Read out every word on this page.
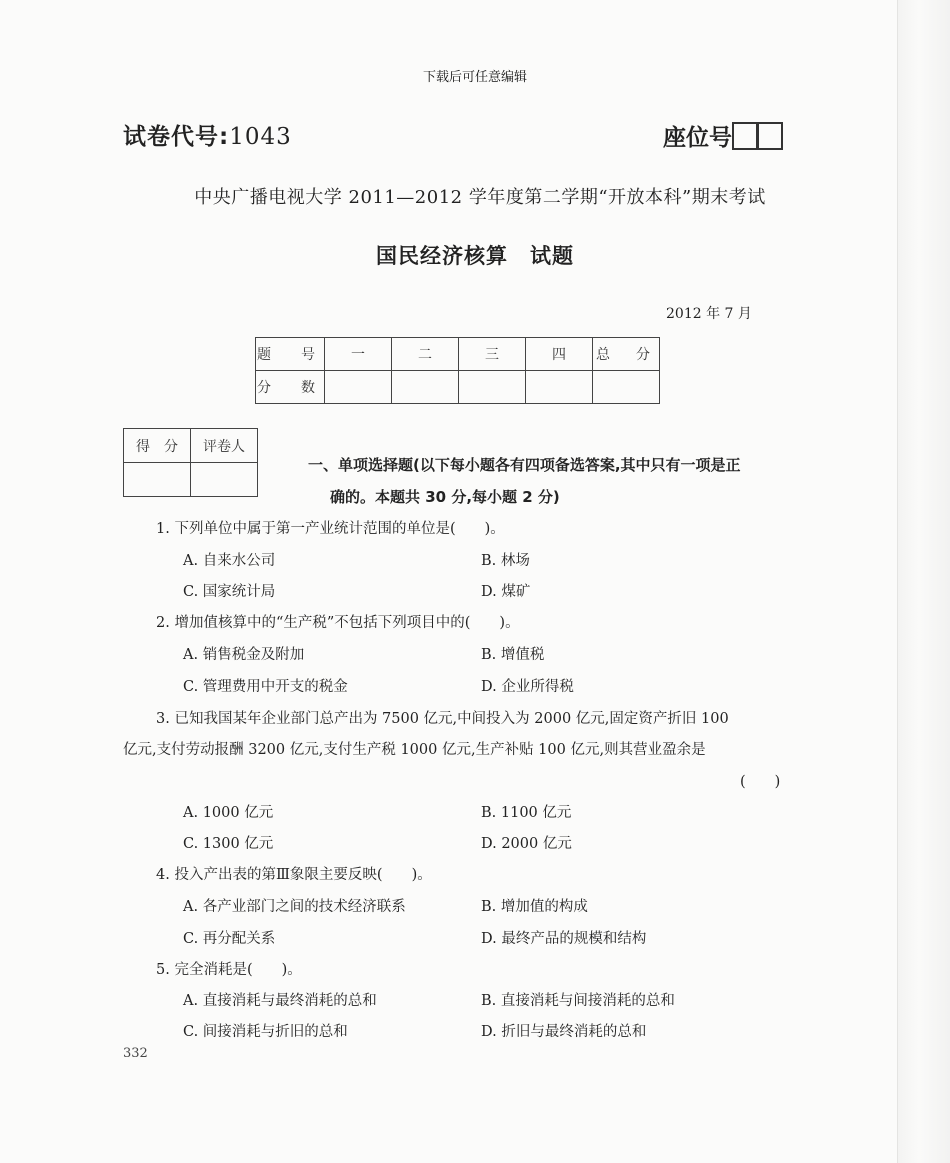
下载后可任意编辑
试卷代号:1043	座位号
中央广播电视大学 2011—2012 学年度第二学期“开放本科”期末考试
国民经济核算　试题
2012 年 7 月
题　号	一	二	三	四	总　分
分　数					
得　分	评卷人

一、单项选择题(以下每小题各有四项备选答案,其中只有一项是正
确的。本题共 30 分,每小题 2 分)
1. 下列单位中属于第一产业统计范围的单位是(　　)。
A. 自来水公司	B. 林场
C. 国家统计局	D. 煤矿
2. 增加值核算中的“生产税”不包括下列项目中的(　　)。
A. 销售税金及附加	B. 增值税
C. 管理费用中开支的税金	D. 企业所得税
3. 已知我国某年企业部门总产出为 7500 亿元,中间投入为 2000 亿元,固定资产折旧 100
亿元,支付劳动报酬 3200 亿元,支付生产税 1000 亿元,生产补贴 100 亿元,则其营业盈余是
(　　)
A. 1000 亿元	B. 1100 亿元
C. 1300 亿元	D. 2000 亿元
4. 投入产出表的第Ⅲ象限主要反映(　　)。
A. 各产业部门之间的技术经济联系	B. 增加值的构成
C. 再分配关系	D. 最终产品的规模和结构
5. 完全消耗是(　　)。
A. 直接消耗与最终消耗的总和	B. 直接消耗与间接消耗的总和
C. 间接消耗与折旧的总和	D. 折旧与最终消耗的总和
332
